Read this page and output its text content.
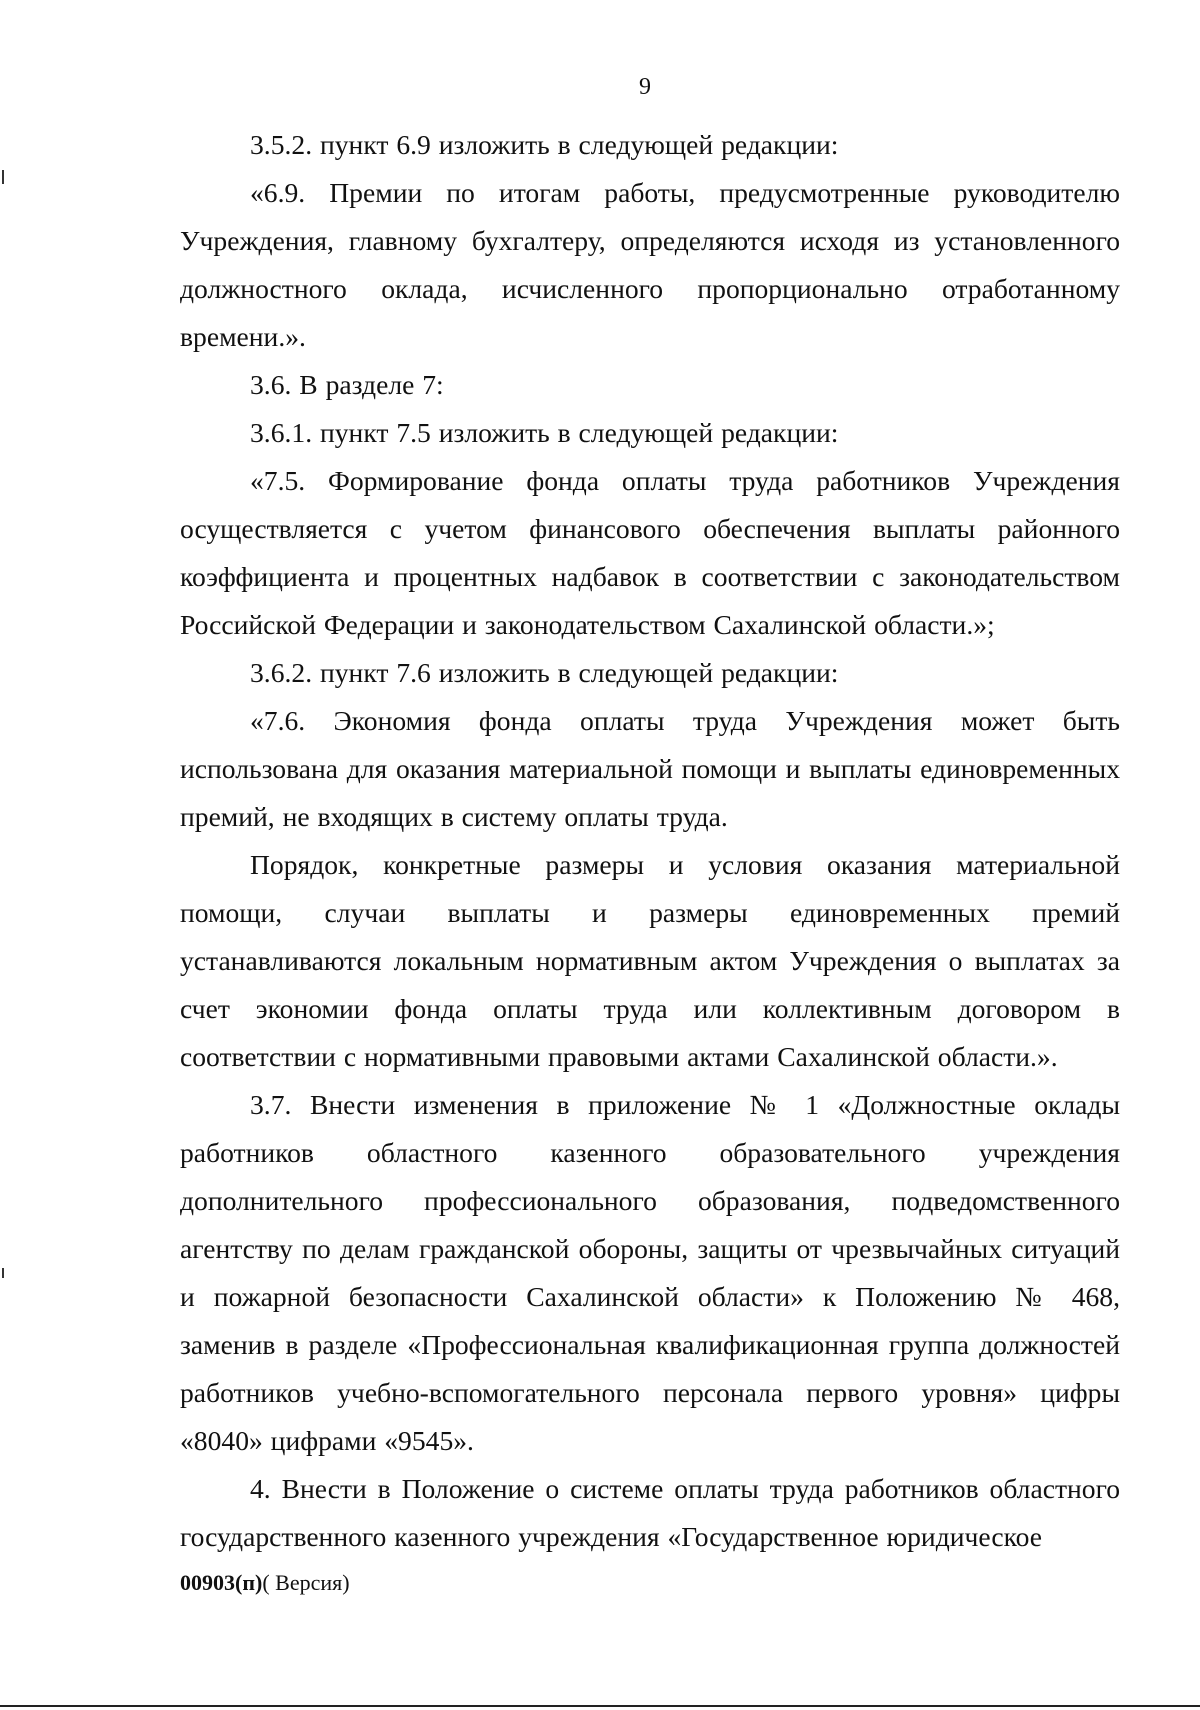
9

3.5.2. пункт 6.9 изложить в следующей редакции:

«6.9. Премии по итогам работы, предусмотренные руководителю Учреждения, главному бухгалтеру, определяются исходя из установленного должностного оклада, исчисленного пропорционально отработанному времени.».

3.6. В разделе 7:

3.6.1. пункт 7.5 изложить в следующей редакции:

«7.5. Формирование фонда оплаты труда работников Учреждения осуществляется с учетом финансового обеспечения выплаты районного коэффициента и процентных надбавок в соответствии с законодательством Российской Федерации и законодательством Сахалинской области.»;

3.6.2. пункт 7.6 изложить в следующей редакции:

«7.6. Экономия фонда оплаты труда Учреждения может быть использована для оказания материальной помощи и выплаты единовременных премий, не входящих в систему оплаты труда.

Порядок, конкретные размеры и условия оказания материальной помощи, случаи выплаты и размеры единовременных премий устанавливаются локальным нормативным актом Учреждения о выплатах за счет экономии фонда оплаты труда или коллективным договором в соответствии с нормативными правовыми актами Сахалинской области.».

3.7. Внести изменения в приложение № 1 «Должностные оклады работников областного казенного образовательного учреждения дополнительного профессионального образования, подведомственного агентству по делам гражданской обороны, защиты от чрезвычайных ситуаций и пожарной безопасности Сахалинской области» к Положению № 468, заменив в разделе «Профессиональная квалификационная группа должностей работников учебно-вспомогательного персонала первого уровня» цифры «8040» цифрами «9545».

4. Внести в Положение о системе оплаты труда работников областного государственного казенного учреждения «Государственное юридическое

00903(п)( Версия)
